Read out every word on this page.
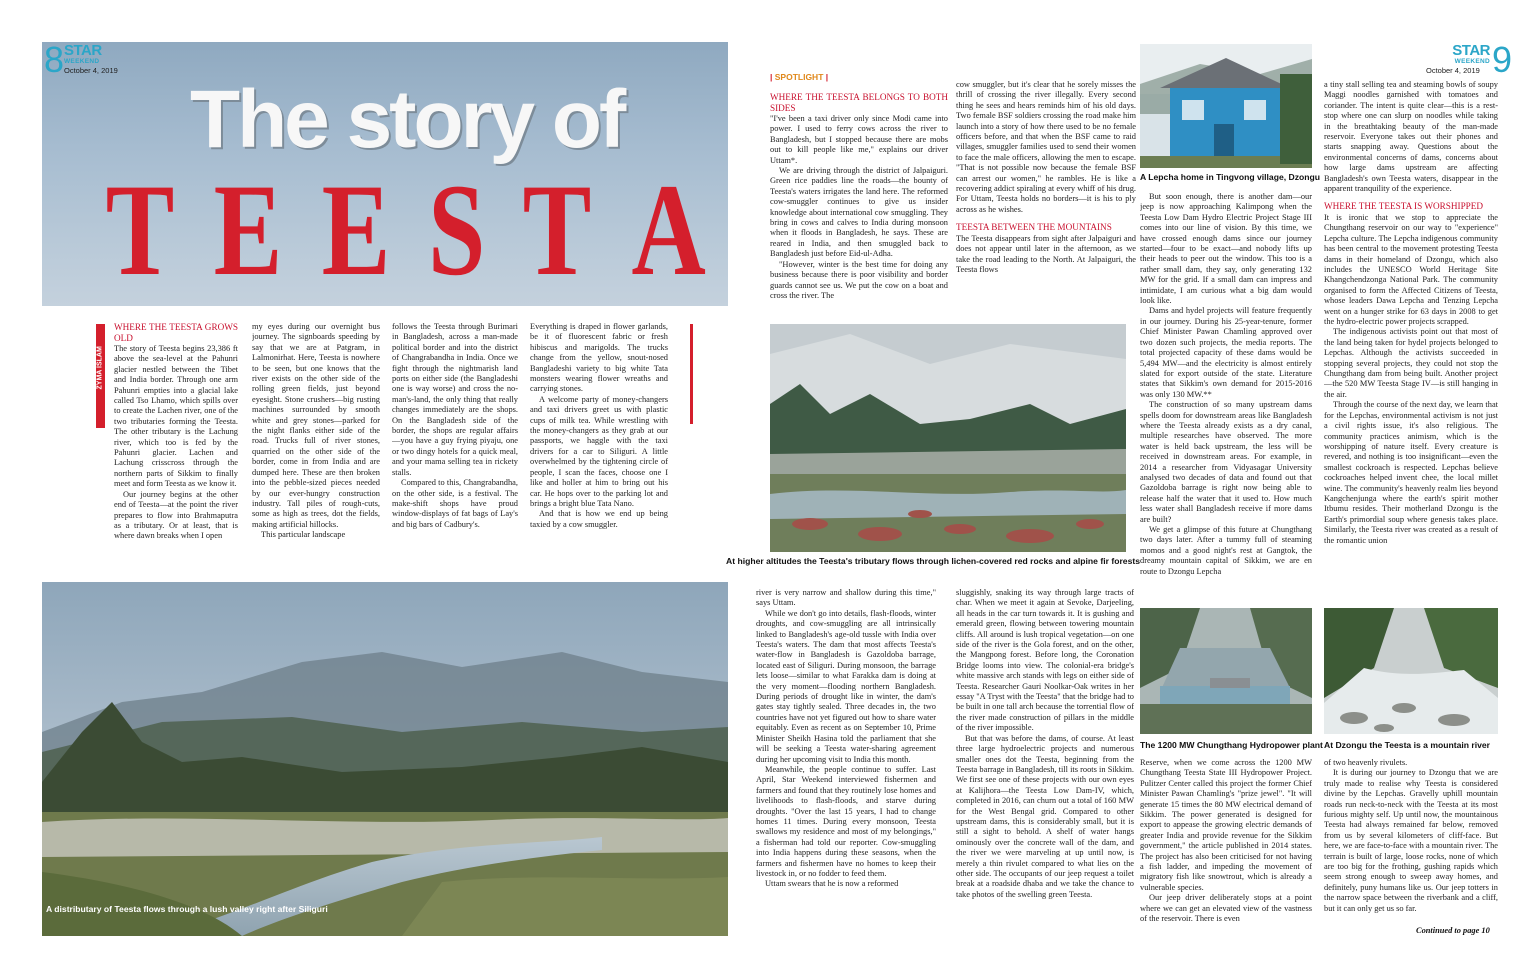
8 STAR
WEEKEND
October 4, 2019
The story of
T E E S T A
ZYMA ISLAM
WHERE THE TEESTA GROWS OLD

The story of Teesta begins 23,386 ft above the sea-level at the Pahunri glacier nestled between the Tibet and India border. Through one arm Pahunri empties into a glacial lake called Tso Lhamo, which spills over to create the Lachen river, one of the two tributaries forming the Teesta. The other tributary is the Lachung river, which too is fed by the Pahunri glacier. Lachen and Lachung crisscross through the northern parts of Sikkim to finally meet and form Teesta as we know it.

Our journey begins at the other end of Teesta—at the point the river prepares to flow into Brahmaputra as a tributary. Or at least, that is where dawn breaks when I open

my eyes during our overnight bus journey. The signboards speeding by say that we are at Patgram, in Lalmonirhat. Here, Teesta is nowhere to be seen, but one knows that the river exists on the other side of the rolling green fields, just beyond eyesight. Stone crushers—big rusting machines surrounded by smooth white and grey stones—parked for the night flanks either side of the road. Trucks full of river stones, quarried on the other side of the border, come in from India and are dumped here. These are then broken into the pebble-sized pieces needed by our ever-hungry construction industry. Tall piles of rough-cuts, some as high as trees, dot the fields, making artificial hillocks.

This particular landscape

follows the Teesta through Burimari in Bangladesh, across a man-made political border and into the district of Changrabandha in India. Once we fight through the nightmarish land ports on either side (the Bangladeshi one is way worse) and cross the no-man's-land, the only thing that really changes immediately are the shops. On the Bangladesh side of the border, the shops are regular affairs—you have a guy frying piyaju, one or two dingy hotels for a quick meal, and your mama selling tea in rickety stalls.

Compared to this, Changrabandha, on the other side, is a festival. The make-shift shops have proud window-displays of fat bags of Lay's and big bars of Cadbury's.

Everything is draped in flower garlands, be it of fluorescent fabric or fresh hibiscus and marigolds. The trucks change from the yellow, snout-nosed Bangladeshi variety to big white Tata monsters wearing flower wreaths and carrying stones.

A welcome party of money-changers and taxi drivers greet us with plastic cups of milk tea. While wrestling with the money-changers as they grab at our passports, we haggle with the taxi drivers for a car to Siliguri. A little overwhelmed by the tightening circle of people, I scan the faces, choose one I like and holler at him to bring out his car. He hops over to the parking lot and brings a bright blue Tata Nano.

And that is how we end up being taxied by a cow smuggler.

A distributary of Teesta flows through a lush valley right after Siliguri
| SPOTLIGHT |
STAR
WEEKEND
October 4, 2019 9
WHERE THE TEESTA BELONGS TO BOTH SIDES

"I've been a taxi driver only since Modi came into power. I used to ferry cows across the river to Bangladesh, but I stopped because there are mobs out to kill people like me," explains our driver Uttam*.

We are driving through the district of Jalpaiguri. Green rice paddies line the roads—the bounty of Teesta's waters irrigates the land here. The reformed cow-smuggler continues to give us insider knowledge about international cow smuggling. They bring in cows and calves to India during monsoon when it floods in Bangladesh, he says. These are reared in India, and then smuggled back to Bangladesh just before Eid-ul-Adha.

"However, winter is the best time for doing any business because there is poor visibility and border guards cannot see us. We put the cow on a boat and cross the river. The

cow smuggler, but it's clear that he sorely misses the thrill of crossing the river illegally. Every second thing he sees and hears reminds him of his old days. Two female BSF soldiers crossing the road make him launch into a story of how there used to be no female officers before, and that when the BSF came to raid villages, smuggler families used to send their women to face the male officers, allowing the men to escape. "That is not possible now because the female BSF can arrest our women," he rambles. He is like a recovering addict spiraling at every whiff of his drug. For Uttam, Teesta holds no borders—it is his to ply across as he wishes.

TEESTA BETWEEN THE MOUNTAINS

The Teesta disappears from sight after Jalpaiguri and does not appear until later in the afternoon, as we take the road leading to the North. At Jalpaiguri, the Teesta flows

A Lepcha home in Tingvong village, Dzongu

But soon enough, there is another dam—our jeep is now approaching Kalimpong when the Teesta Low Dam Hydro Electric Project Stage III comes into our line of vision. By this time, we have crossed enough dams since our journey started—four to be exact—and nobody lifts up their heads to peer out the window. This too is a rather small dam, they say, only generating 132 MW for the grid. If a small dam can impress and intimidate, I am curious what a big dam would look like.

Dams and hydel projects will feature frequently in our journey. During his 25-year-tenure, former Chief Minister Pawan Chamling approved over two dozen such projects, the media reports. The total projected capacity of these dams would be 5,494 MW—and the electricity is almost entirely slated for export outside of the state. Literature states that Sikkim's own demand for 2015-2016 was only 130 MW.**

The construction of so many upstream dams spells doom for downstream areas like Bangladesh where the Teesta already exists as a dry canal, multiple researches have observed. The more water is held back upstream, the less will be received in downstream areas. For example, in 2014 a researcher from Vidyasagar University analysed two decades of data and found out that Gazoldoba barrage is right now being able to release half the water that it used to. How much less water shall Bangladesh receive if more dams are built?

We get a glimpse of this future at Chungthang two days later. After a tummy full of steaming momos and a good night's rest at Gangtok, the dreamy mountain capital of Sikkim, we are en route to Dzongu Lepcha

a tiny stall selling tea and steaming bowls of soupy Maggi noodles garnished with tomatoes and coriander. The intent is quite clear—this is a rest-stop where one can slurp on noodles while taking in the breathtaking beauty of the man-made reservoir. Everyone takes out their phones and starts snapping away. Questions about the environmental concerns of dams, concerns about how large dams upstream are affecting Bangladesh's own Teesta waters, disappear in the apparent tranquility of the experience.

WHERE THE TEESTA IS WORSHIPPED

It is ironic that we stop to appreciate the Chungthang reservoir on our way to "experience" Lepcha culture. The Lepcha indigenous community has been central to the movement protesting Teesta dams in their homeland of Dzongu, which also includes the UNESCO World Heritage Site Khangchendzonga National Park. The community organised to form the Affected Citizens of Teesta, whose leaders Dawa Lepcha and Tenzing Lepcha went on a hunger strike for 63 days in 2008 to get the hydro-electric power projects scrapped.

The indigenous activists point out that most of the land being taken for hydel projects belonged to Lepchas. Although the activists succeeded in stopping several projects, they could not stop the Chungthang dam from being built. Another project—the 520 MW Teesta Stage IV—is still hanging in the air.

Through the course of the next day, we learn that for the Lepchas, environmental activism is not just a civil rights issue, it's also religious. The community practices animism, which is the worshipping of nature itself. Every creature is revered, and nothing is too insignificant—even the smallest cockroach is respected. Lepchas believe cockroaches helped invent chee, the local millet wine. The community's heavenly realm lies beyond Kangchenjunga where the earth's spirit mother Itbumu resides. Their motherland Dzongu is the Earth's primordial soup where genesis takes place. Similarly, the Teesta river was created as a result of the romantic union

At higher altitudes the Teesta's tributary flows through lichen-covered red rocks and alpine fir forests

river is very narrow and shallow during this time," says Uttam.

While we don't go into details, flash-floods, winter droughts, and cow-smuggling are all intrinsically linked to Bangladesh's age-old tussle with India over Teesta's waters. The dam that most affects Teesta's water-flow in Bangladesh is Gazoldoba barrage, located east of Siliguri. During monsoon, the barrage lets loose—similar to what Farakka dam is doing at the very moment—flooding northern Bangladesh. During periods of drought like in winter, the dam's gates stay tightly sealed. Three decades in, the two countries have not yet figured out how to share water equitably. Even as recent as on September 10, Prime Minister Sheikh Hasina told the parliament that she will be seeking a Teesta water-sharing agreement during her upcoming visit to India this month.

Meanwhile, the people continue to suffer. Last April, Star Weekend interviewed fishermen and farmers and found that they routinely lose homes and livelihoods to flash-floods, and starve during droughts. "Over the last 15 years, I had to change homes 11 times. During every monsoon, Teesta swallows my residence and most of my belongings," a fisherman had told our reporter. Cow-smuggling into India happens during these seasons, when the farmers and fishermen have no homes to keep their livestock in, or no fodder to feed them.

Uttam swears that he is now a reformed

sluggishly, snaking its way through large tracts of char. When we meet it again at Sevoke, Darjeeling, all heads in the car turn towards it. It is gushing and emerald green, flowing between towering mountain cliffs. All around is lush tropical vegetation—on one side of the river is the Gola forest, and on the other, the Mangpong forest. Before long, the Coronation Bridge looms into view. The colonial-era bridge's white massive arch stands with legs on either side of Teesta. Researcher Gauri Noolkar-Oak writes in her essay "A Tryst with the Teesta" that the bridge had to be built in one tall arch because the torrential flow of the river made construction of pillars in the middle of the river impossible.

But that was before the dams, of course. At least three large hydroelectric projects and numerous smaller ones dot the Teesta, beginning from the Teesta barrage in Bangladesh, till its roots in Sikkim. We first see one of these projects with our own eyes at Kalijhora—the Teesta Low Dam-IV, which, completed in 2016, can churn out a total of 160 MW for the West Bengal grid. Compared to other upstream dams, this is considerably small, but it is still a sight to behold. A shelf of water hangs ominously over the concrete wall of the dam, and the river we were marveling at up until now, is merely a thin rivulet compared to what lies on the other side. The occupants of our jeep request a toilet break at a roadside dhaba and we take the chance to take photos of the swelling green Teesta.

The 1200 MW Chungthang Hydropower plant At Dzongu the Teesta is a mountain river

Reserve, when we come across the 1200 MW Chungthang Teesta State III Hydropower Project. Pulitzer Center called this project the former Chief Minister Pawan Chamling's "prize jewel". "It will generate 15 times the 80 MW electrical demand of Sikkim. The power generated is designed for export to appease the growing electric demands of greater India and provide revenue for the Sikkim government," the article published in 2014 states. The project has also been criticised for not having a fish ladder, and impeding the movement of migratory fish like snowtrout, which is already a vulnerable species.

Our jeep driver deliberately stops at a point where we can get an elevated view of the vastness of the reservoir. There is even

of two heavenly rivulets.

It is during our journey to Dzongu that we are truly made to realise why Teesta is considered divine by the Lepchas. Gravelly uphill mountain roads run neck-to-neck with the Teesta at its most furious mighty self. Up until now, the mountainous Teesta had always remained far below, removed from us by several kilometers of cliff-face. But here, we are face-to-face with a mountain river. The terrain is built of large, loose rocks, none of which are too big for the frothing, gushing rapids which seem strong enough to sweep away homes, and definitely, puny humans like us. Our jeep totters in the narrow space between the riverbank and a cliff, but it can only get us so far.

Continued to page 10
